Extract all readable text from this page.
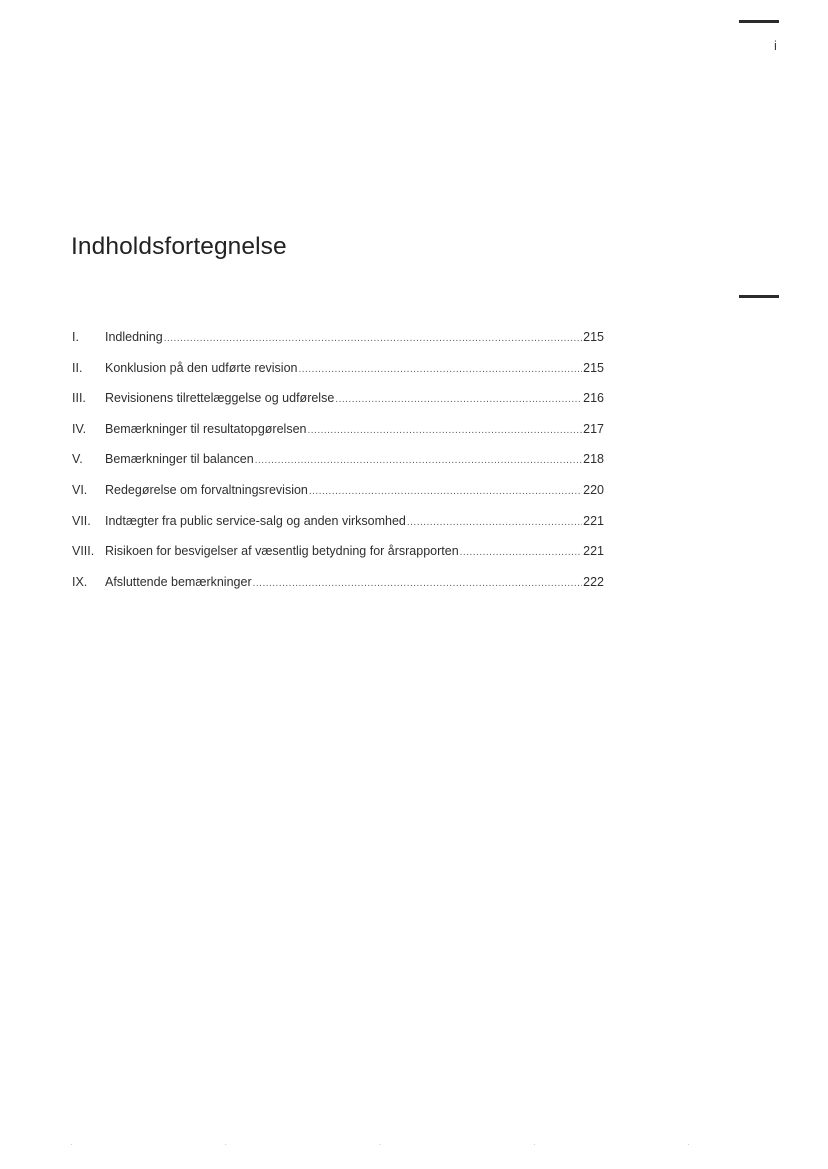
i
Indholdsfortegnelse
I.	Indledning .....	215
II.	Konklusion på den udførte revision .....	215
III.	Revisionens tilrettelæggelse og udførelse .....	216
IV.	Bemærkninger til resultatopgørelsen .....	217
V.	Bemærkninger til balancen .....	218
VI.	Redegørelse om forvaltningsrevision .....	220
VII.	Indtægter fra public service-salg og anden virksomhed .....	221
VIII. Risikoen for besvigelser af væsentlig betydning for årsrapporten .....	221
IX.	Afsluttende bemærkninger .....	222
·	·	·	·	·
